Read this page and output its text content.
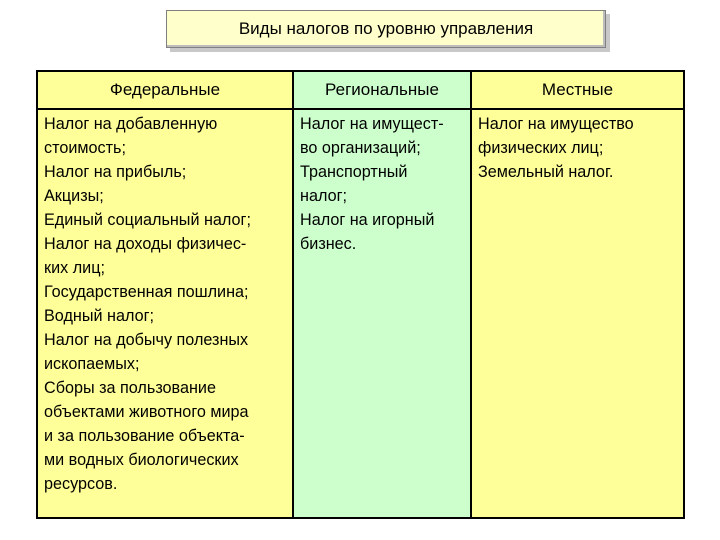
Виды налогов по уровню управления
Федеральные
Налог на добавленную
стоимость;
Налог на прибыль;
Акцизы;
Единый социальный налог;
Налог на доходы физичес-
ких лиц;
Государственная пошлина;
Водный налог;
Налог на добычу полезных
ископаемых;
Сборы за пользование
объектами животного мира
и за пользование объекта-
ми водных биологических
ресурсов.
Региональные
Налог на имущест-
во организаций;
Транспортный
налог;
Налог на игорный
бизнес.
Местные
Налог на имущество
физических лиц;
Земельный налог.
